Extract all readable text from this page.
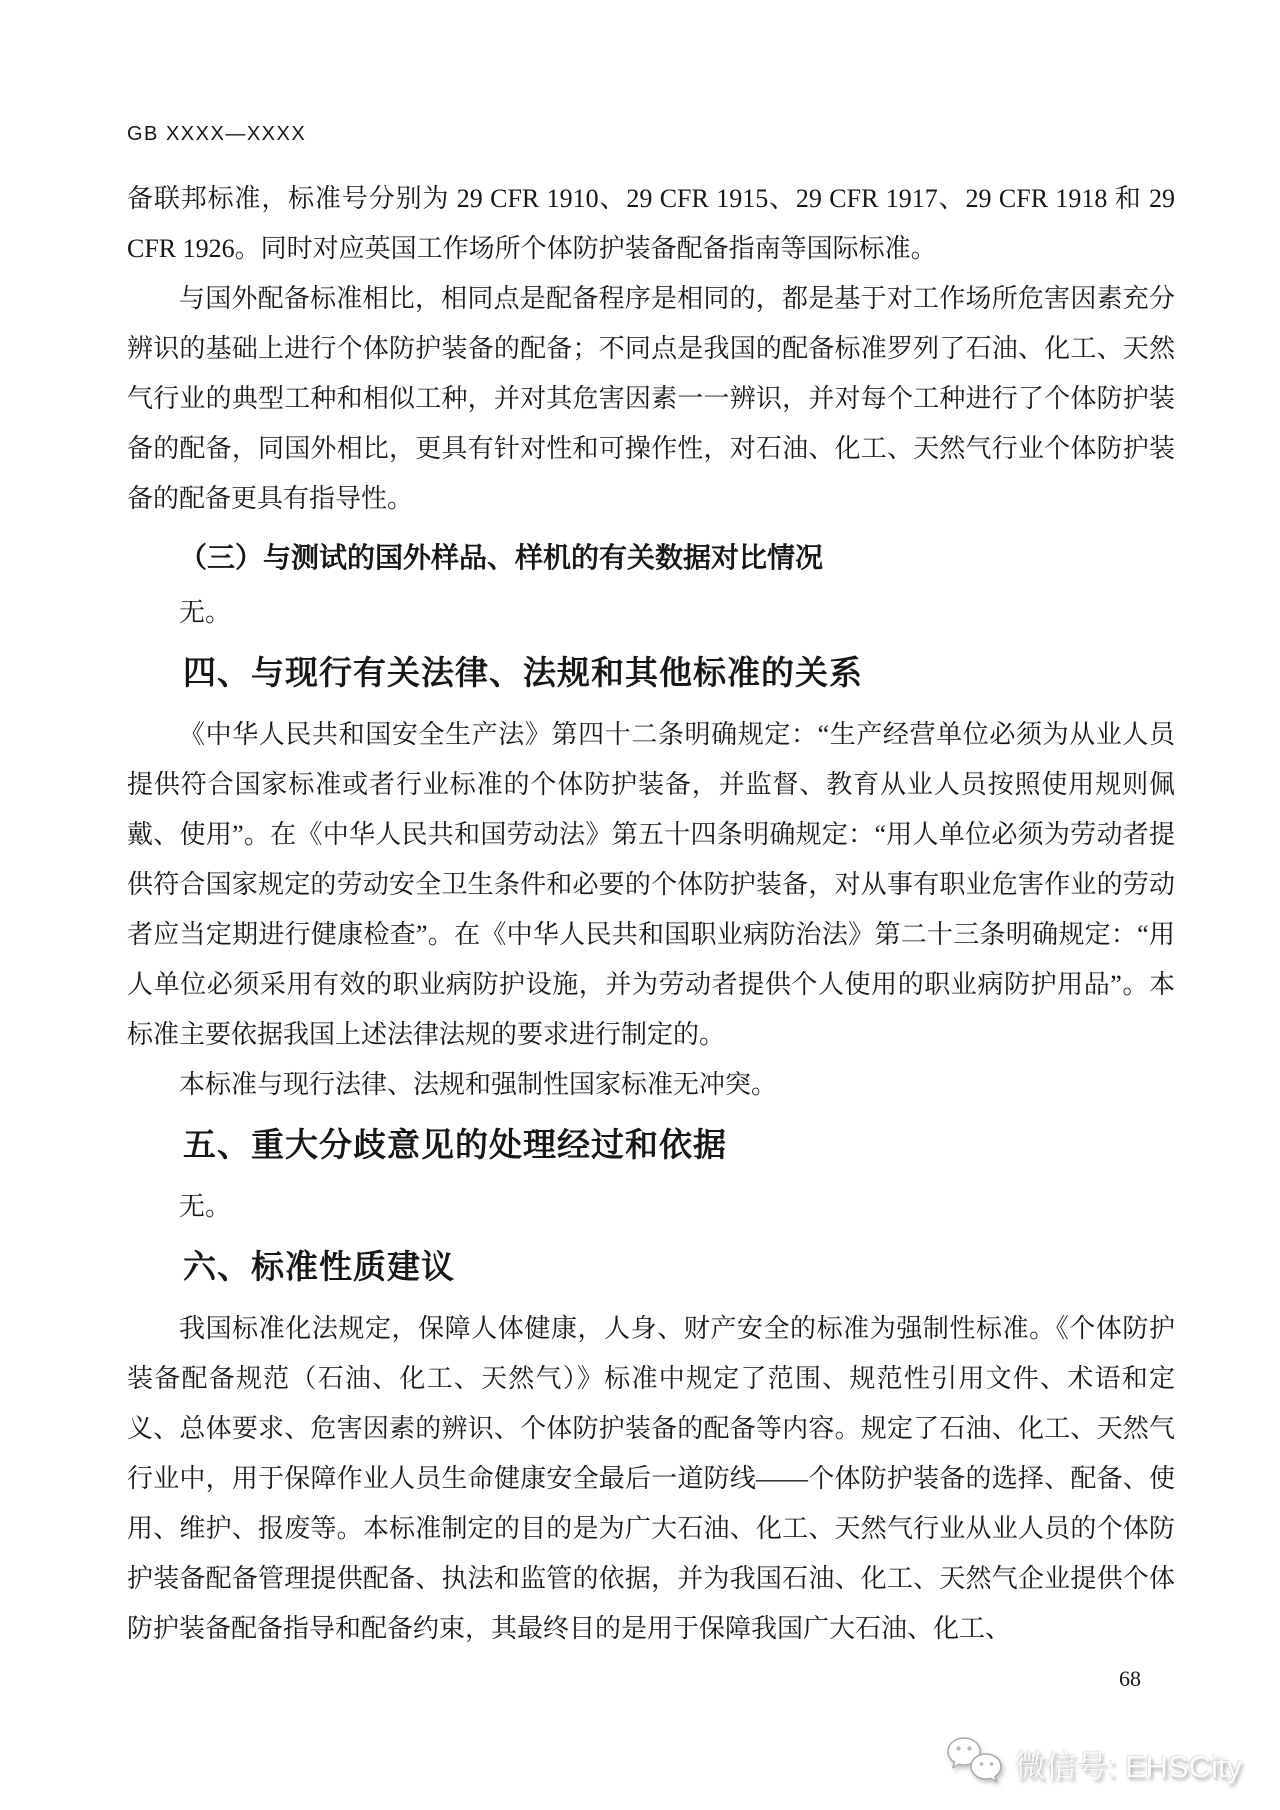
GB XXXX—XXXX

备联邦标准，标准号分别为 29 CFR 1910、29 CFR 1915、29 CFR 1917、29 CFR 1918 和 29 CFR 1926。同时对应英国工作场所个体防护装备配备指南等国际标准。

与国外配备标准相比，相同点是配备程序是相同的，都是基于对工作场所危害因素充分辨识的基础上进行个体防护装备的配备；不同点是我国的配备标准罗列了石油、化工、天然气行业的典型工种和相似工种，并对其危害因素一一辨识，并对每个工种进行了个体防护装备的配备，同国外相比，更具有针对性和可操作性，对石油、化工、天然气行业个体防护装备的配备更具有指导性。

（三）与测试的国外样品、样机的有关数据对比情况

无。

四、与现行有关法律、法规和其他标准的关系

《中华人民共和国安全生产法》第四十二条明确规定：“生产经营单位必须为从业人员提供符合国家标准或者行业标准的个体防护装备，并监督、教育从业人员按照使用规则佩戴、使用”。在《中华人民共和国劳动法》第五十四条明确规定：“用人单位必须为劳动者提供符合国家规定的劳动安全卫生条件和必要的个体防护装备，对从事有职业危害作业的劳动者应当定期进行健康检查”。在《中华人民共和国职业病防治法》第二十三条明确规定：“用人单位必须采用有效的职业病防护设施，并为劳动者提供个人使用的职业病防护用品”。本标准主要依据我国上述法律法规的要求进行制定的。

本标准与现行法律、法规和强制性国家标准无冲突。

五、重大分歧意见的处理经过和依据

无。

六、标准性质建议

我国标准化法规定，保障人体健康，人身、财产安全的标准为强制性标准。《个体防护装备配备规范（石油、化工、天然气）》标准中规定了范围、规范性引用文件、术语和定义、总体要求、危害因素的辨识、个体防护装备的配备等内容。规定了石油、化工、天然气行业中，用于保障作业人员生命健康安全最后一道防线——个体防护装备的选择、配备、使用、维护、报废等。本标准制定的目的是为广大石油、化工、天然气行业从业人员的个体防护装备配备管理提供配备、执法和监管的依据，并为我国石油、化工、天然气企业提供个体防护装备配备指导和配备约束，其最终目的是用于保障我国广大石油、化工、

68
微信号: EHSCity
